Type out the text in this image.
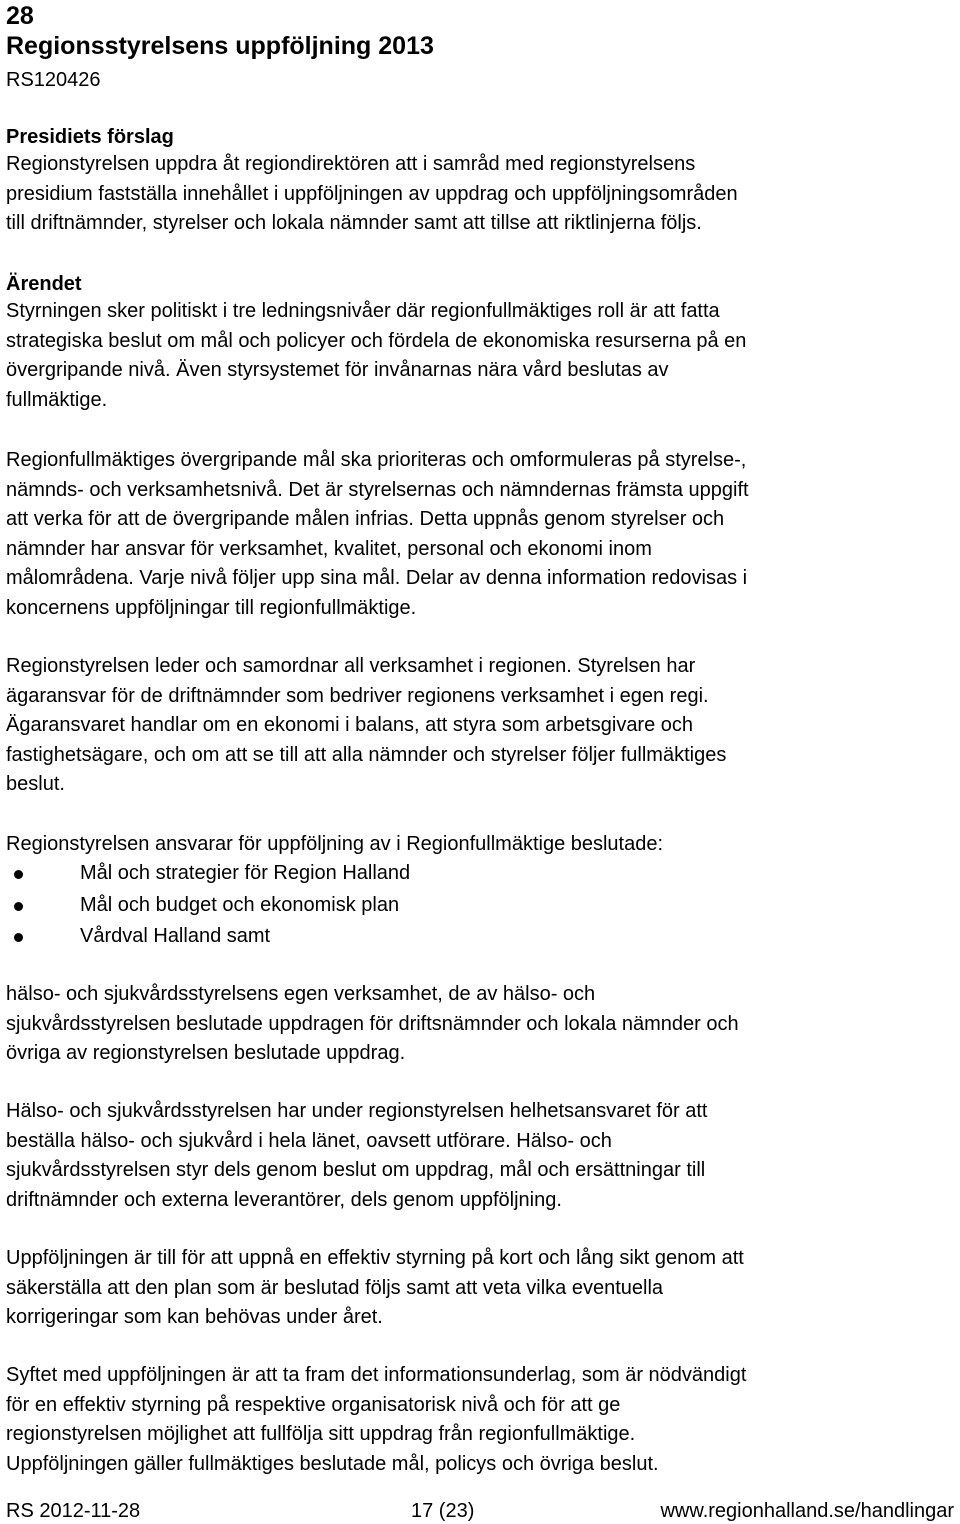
28
Regionsstyrelsens uppföljning 2013
RS120426
Presidiets förslag
Regionstyrelsen uppdra åt regiondirektören att i samråd med regionstyrelsens
presidium fastställa innehållet i uppföljningen av uppdrag och uppföljningsområden
till driftnämnder, styrelser och lokala nämnder samt att tillse att riktlinjerna följs.
Ärendet
Styrningen sker politiskt i tre ledningsnivåer där regionfullmäktiges roll är att fatta
strategiska beslut om mål och policyer och fördela de ekonomiska resurserna på en
övergripande nivå. Även styrsystemet för invånarnas nära vård beslutas av
fullmäktige.
Regionfullmäktiges övergripande mål ska prioriteras och omformuleras på styrelse-,
nämnds- och verksamhetsnivå. Det är styrelsernas och nämndernas främsta uppgift
att verka för att de övergripande målen infrias. Detta uppnås genom styrelser och
nämnder har ansvar för verksamhet, kvalitet, personal och ekonomi inom
målområdena. Varje nivå följer upp sina mål. Delar av denna information redovisas i
koncernens uppföljningar till regionfullmäktige.
Regionstyrelsen leder och samordnar all verksamhet i regionen. Styrelsen har
ägaransvar för de driftnämnder som bedriver regionens verksamhet i egen regi.
Ägaransvaret handlar om en ekonomi i balans, att styra som arbetsgivare och
fastighetsägare, och om att se till att alla nämnder och styrelser följer fullmäktiges
beslut.
Regionstyrelsen ansvarar för uppföljning av i Regionfullmäktige beslutade:
Mål och strategier för Region Halland
Mål och budget och ekonomisk plan
Vårdval Halland samt
hälso- och sjukvårdsstyrelsens egen verksamhet, de av hälso- och
sjukvårdsstyrelsen beslutade uppdragen för driftsnämnder och lokala nämnder och
övriga av regionstyrelsen beslutade uppdrag.
Hälso- och sjukvårdsstyrelsen har under regionstyrelsen helhetsansvaret för att
beställa hälso- och sjukvård i hela länet, oavsett utförare. Hälso- och
sjukvårdsstyrelsen styr dels genom beslut om uppdrag, mål och ersättningar till
driftnämnder och externa leverantörer, dels genom uppföljning.
Uppföljningen är till för att uppnå en effektiv styrning på kort och lång sikt genom att
säkerställa att den plan som är beslutad följs samt att veta vilka eventuella
korrigeringar som kan behövas under året.
Syftet med uppföljningen är att ta fram det informationsunderlag, som är nödvändigt
för en effektiv styrning på respektive organisatorisk nivå och för att ge
regionstyrelsen möjlighet att fullfölja sitt uppdrag från regionfullmäktige.
Uppföljningen gäller fullmäktiges beslutade mål, policys och övriga beslut.
RS 2012-11-28	17 (23)	www.regionhalland.se/handlingar
